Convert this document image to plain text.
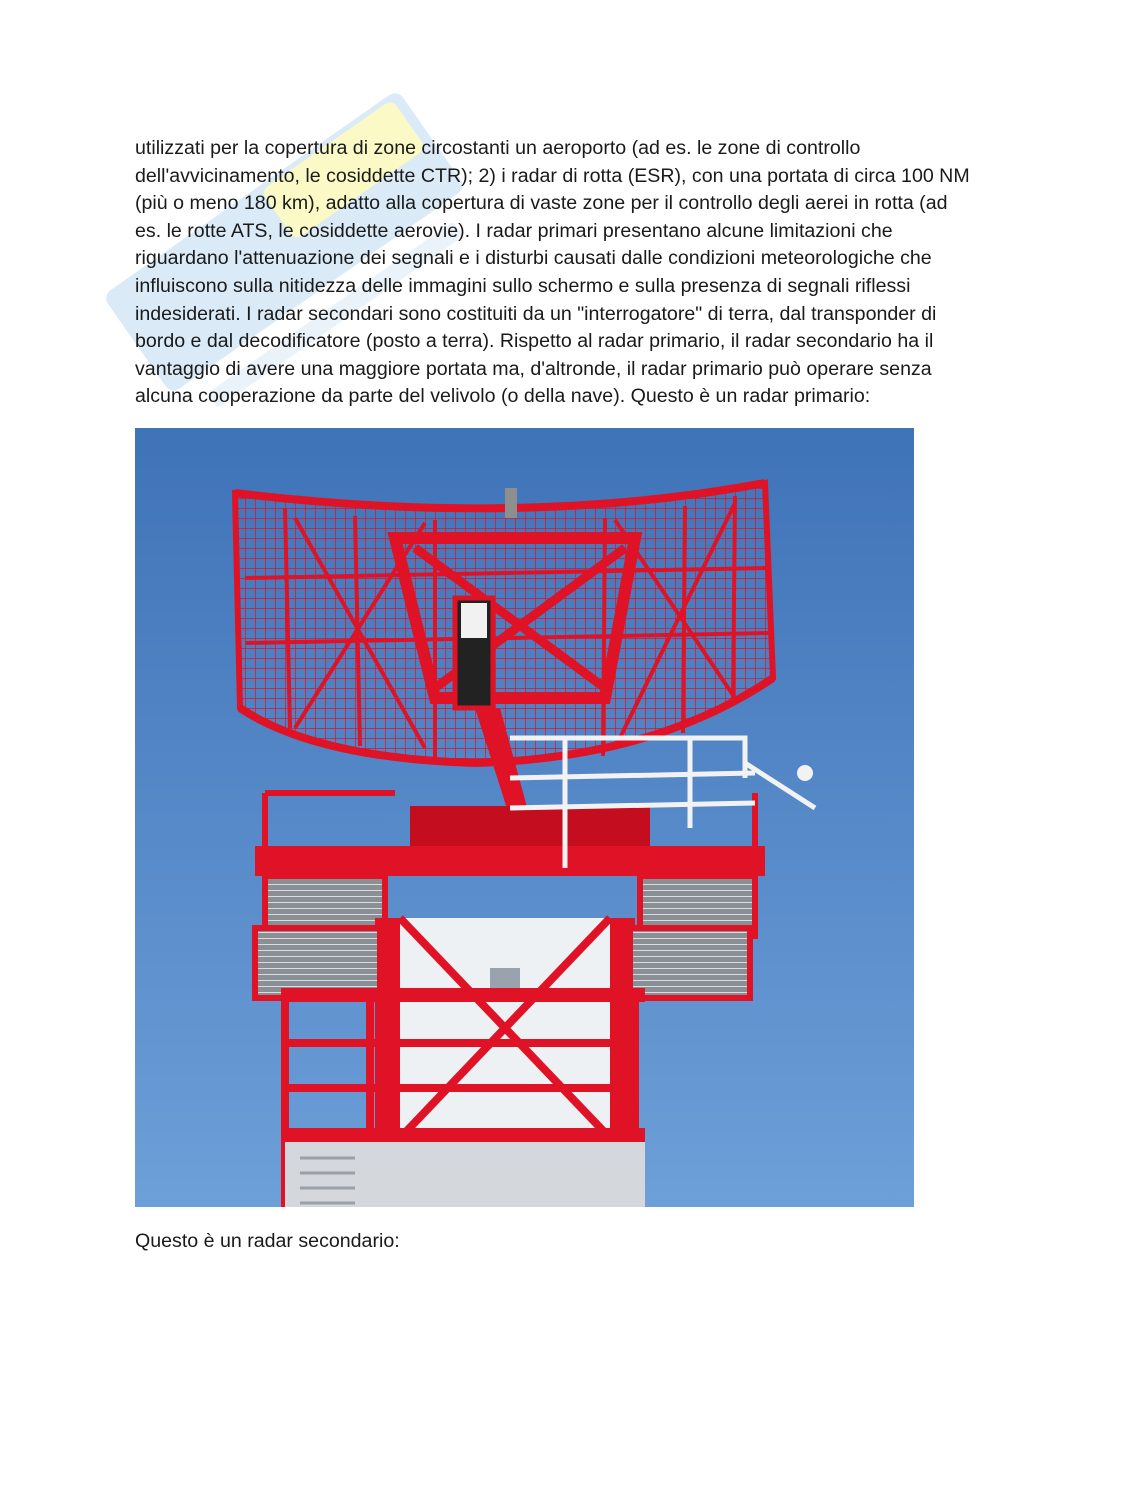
utilizzati per la copertura di zone circostanti un aeroporto (ad es. le zone di controllo

dell'avvicinamento, le cosiddette CTR); 2) i radar di rotta (ESR), con una portata di circa 100 NM

(più o meno 180 km), adatto alla copertura di vaste zone per il controllo degli aerei in rotta (ad

es. le rotte ATS, le cosiddette aerovie). I radar primari presentano alcune limitazioni che

riguardano l'attenuazione dei segnali e i disturbi causati dalle condizioni meteorologiche che

influiscono sulla nitidezza delle immagini sullo schermo e sulla presenza di segnali riflessi

indesiderati. I radar secondari sono costituiti da un "interrogatore" di terra, dal transponder di

bordo e dal decodificatore (posto a terra). Rispetto al radar primario, il radar secondario ha il

vantaggio di avere una maggiore portata ma, d'altronde, il radar primario può operare senza

alcuna cooperazione da parte del velivolo (o della nave). Questo è un radar primario:

Questo è un radar secondario:
